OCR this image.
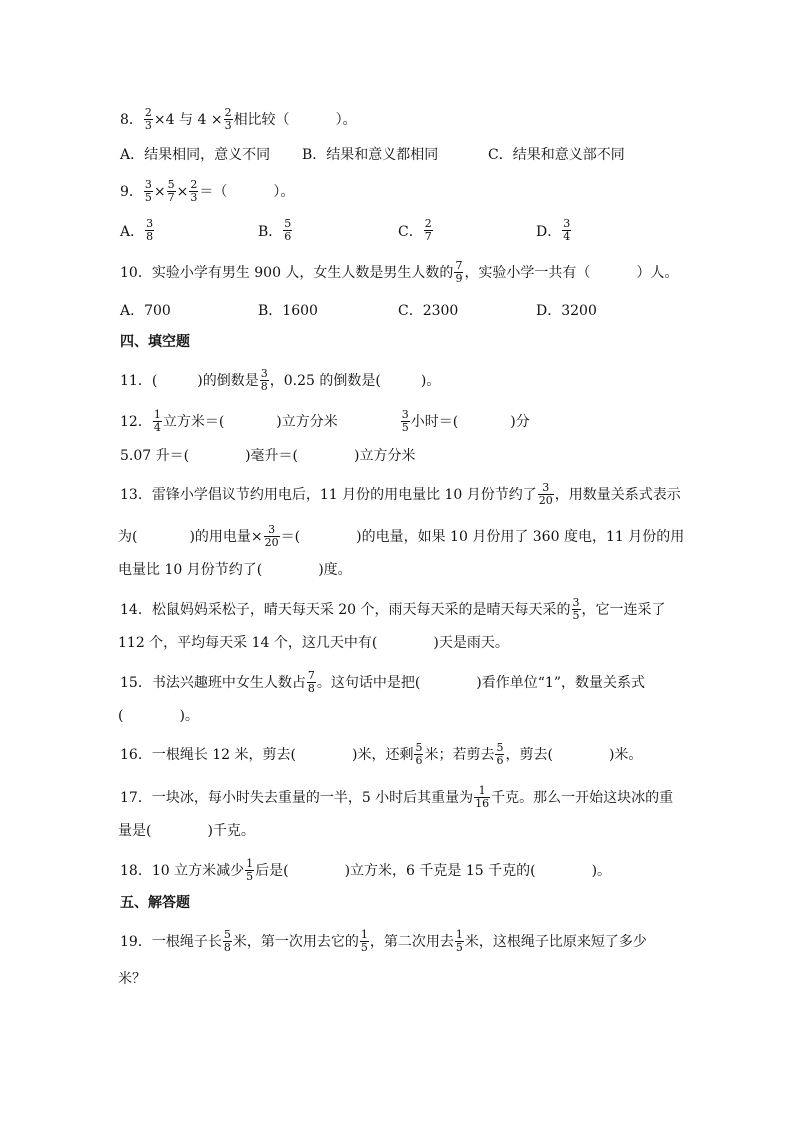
8． $\frac{2}{3} \times 4$ 与 $4 \times \frac{2}{3}$ 相比较（	）。
A．结果相同，意义不同 B．结果和意义都相同	C．结果和意义部不同
9． $\frac{3}{5} \times \frac{5}{7} \times \frac{2}{3}$ ＝（	）。
A． $\frac{3}{8}$	B． $\frac{5}{6}$	C． $\frac{2}{7}$	D． $\frac{3}{4}$
10．实验小学有男生 900 人，女生人数是男生人数的 $\frac{7}{9}$ ，实验小学一共有（	）人。
A．700	B．1600	C．2300	D．3200
四、填空题
11．(	)的倒数是 $\frac{3}{8}$ ，0.25 的倒数是(	)。
12． $\frac{1}{4}$ 立方米＝(	)立方分米	$\frac{3}{5}$ 小时＝(	)分
5.07 升＝(	)毫升＝(	)立方分米
13．雷锋小学倡议节约用电后，11 月份的用电量比 10 月份节约了 $\frac{3}{20}$ ，用数量关系式表示
为(	)的用电量× $\frac{3}{20}$ ＝(	)的电量，如果 10 月份用了 360 度电，11 月份的用
电量比 10 月份节约了(	)度。
14．松鼠妈妈采松子，晴天每天采 20 个，雨天每天采的是晴天每天采的 $\frac{3}{5}$ ，它一连采了
112 个，平均每天采 14 个，这几天中有(	)天是雨天。
15．书法兴趣班中女生人数占 $\frac{7}{8}$ 。这句话中是把(	)看作单位“1”，数量关系式
(	)。
16．一根绳长 12 米，剪去(	)米，还剩 $\frac{5}{6}$ 米；若剪去 $\frac{5}{6}$ ，剪去(	)米。
17．一块冰，每小时失去重量的一半，5 小时后其重量为 $\frac{1}{16}$ 千克。那么一开始这块冰的重
量是(	)千克。
18．10 立方米减少 $\frac{1}{5}$ 后是(	)立方米，6 千克是 15 千克的(	)。
五、解答题
19．一根绳子长 $\frac{5}{8}$ 米，第一次用去它的 $\frac{1}{5}$ ，第二次用去 $\frac{1}{5}$ 米，这根绳子比原来短了多少
米？
